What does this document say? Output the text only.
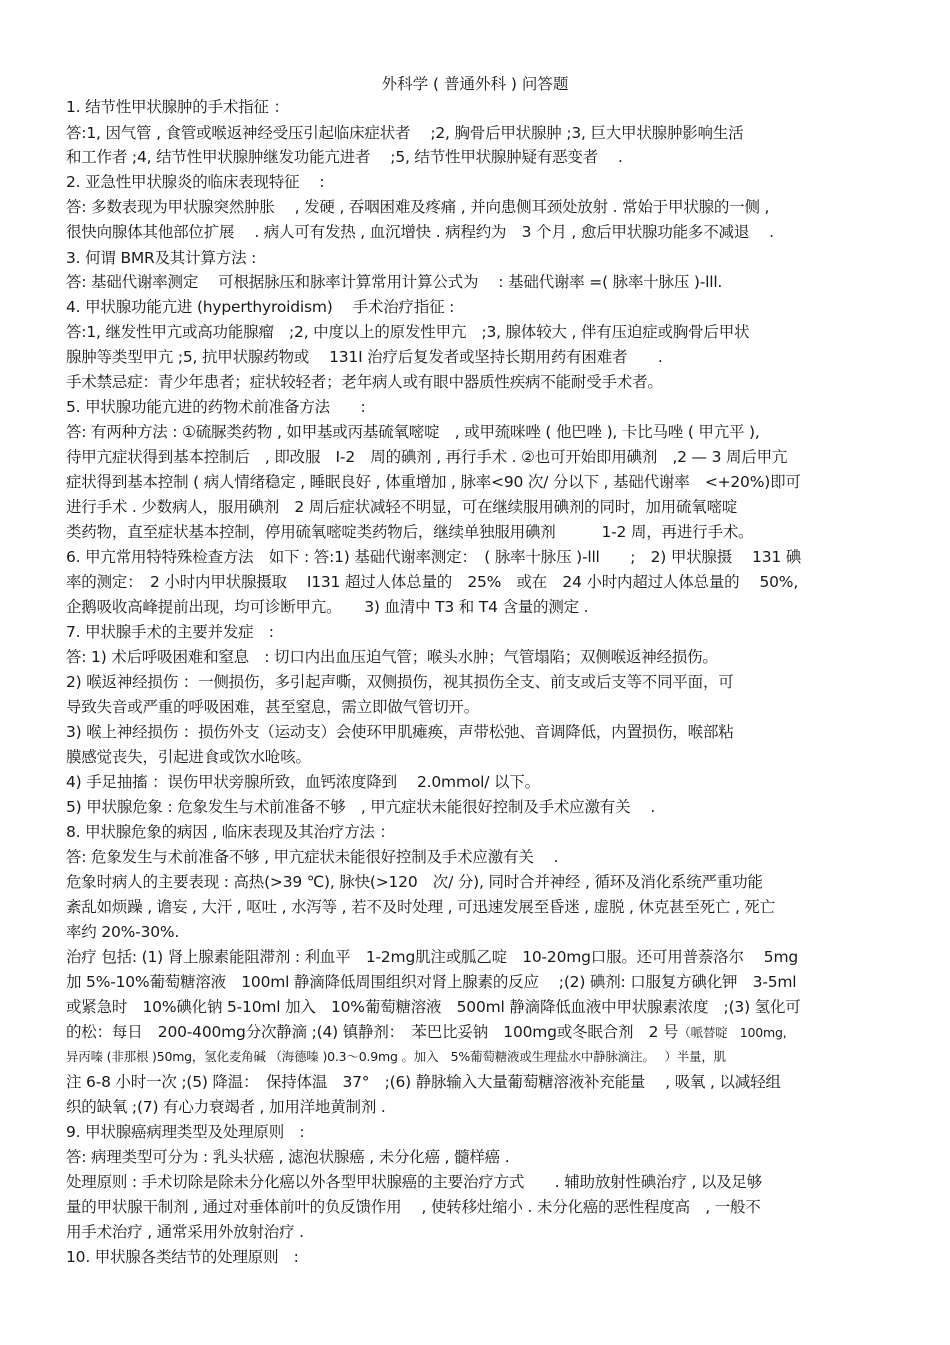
外科学 ( 普通外科 ) 问答题
1. 结节性甲状腺肿的手术指征 ：
答:1, 因气管 , 食管或喉返神经受压引起临床症状者　 ;2, 胸骨后甲状腺肿 ;3, 巨大甲状腺肿影响生活
和工作者 ;4, 结节性甲状腺肿继发功能亢进者　 ;5, 结节性甲状腺肿疑有恶变者　 .
2. 亚急性甲状腺炎的临床表现特征　 :
答: 多数表现为甲状腺突然肿胀　 , 发硬 , 吞咽困难及疼痛 , 并向患侧耳颈处放射 . 常始于甲状腺的一侧 ,
很快向腺体其他部位扩展　 . 病人可有发热 , 血沉增快 . 病程约为　3 个月 , 愈后甲状腺功能多不减退　 .
3. 何谓 BMR及其计算方法 :
答: 基础代谢率测定　 可根据脉压和脉率计算常用计算公式为　 : 基础代谢率 =( 脉率十脉压 )-lll.
4. 甲状腺功能亢进 (hyperthyroidism)　 手术治疗指征 :
答:1, 继发性甲亢或高功能腺瘤　;2, 中度以上的原发性甲亢　;3, 腺体较大 , 伴有压迫症或胸骨后甲状
腺肿等类型甲亢 ;5, 抗甲状腺药物或　 131I 治疗后复发者或坚持长期用药有困难者　　.
手术禁忌症：青少年患者；症状较轻者；老年病人或有眼中器质性疾病不能耐受手术者。
5. 甲状腺功能亢进的药物术前准备方法　　:
答: 有两种方法 : ①硫脲类药物 , 如甲基或丙基硫氧嘧啶　, 或甲巯咪唑 ( 他巴唑 ), 卡比马唑 ( 甲亢平 ),
待甲亢症状得到基本控制后　, 即改服　I-2　周的碘剂 , 再行手术 . ②也可开始即用碘剂　,2 — 3 周后甲亢
症状得到基本控制 ( 病人情绪稳定 , 睡眠良好 , 体重增加 , 脉率<90 次/ 分以下 , 基础代谢率　<+20%)即可
进行手术 . 少数病人，服用碘剂　2 周后症状减轻不明显，可在继续服用碘剂的同时，加用硫氧嘧啶
类药物，直至症状基本控制，停用硫氧嘧啶类药物后，继续单独服用碘剂　　　1-2 周，再进行手术。
6. 甲亢常用特特殊检查方法　如下 : 答:1) 基础代谢率测定：　( 脉率十脉压 )-lll　　;　2) 甲状腺摄　 131 碘
率的测定：　2 小时内甲状腺摄取　 I131 超过人体总量的　25%　或在　24 小时内超过人体总量的　 50%,
企鹅吸收高峰提前出现，均可诊断甲亢。　　3) 血清中 T3 和 T4 含量的测定 .
7. 甲状腺手术的主要并发症　:
答: 1) 术后呼吸困难和窒息　: 切口内出血压迫气管；喉头水肿；气管塌陷；双侧喉返神经损伤。
2) 喉返神经损伤 ：一侧损伤，多引起声嘶，双侧损伤，视其损伤全支、前支或后支等不同平面，可
导致失音或严重的呼吸困难，甚至窒息，需立即做气管切开。
3) 喉上神经损伤 ：损伤外支（运动支）会使环甲肌瘫痪，声带松弛、音调降低，内置损伤，喉部粘
膜感觉丧失，引起进食或饮水呛咳。
4) 手足抽搐 ：误伤甲状旁腺所致，血钙浓度降到　 2.0mmol/ 以下。
5) 甲状腺危象 : 危象发生与术前准备不够　, 甲亢症状未能很好控制及手术应激有关　 .
8. 甲状腺危象的病因 , 临床表现及其治疗方法 ：
答: 危象发生与术前准备不够 , 甲亢症状未能很好控制及手术应激有关　 .
危象时病人的主要表现 : 高热(>39 ℃), 脉快(>120　次/ 分), 同时合并神经 , 循环及消化系统严重功能
紊乱如烦躁 , 谵妄 , 大汗 , 呕吐 , 水泻等 , 若不及时处理 , 可迅速发展至昏迷 , 虚脱 , 休克甚至死亡 , 死亡
率约 20%-30%.
治疗 包括: (1) 肾上腺素能阻滞剂 : 利血平　1-2mg肌注或胍乙啶　10-20mg口服。还可用普萘洛尔　 5mg
加 5%-10%葡萄糖溶液　100ml 静滴降低周围组织对肾上腺素的反应　 ;(2) 碘剂: 口服复方碘化钾　3-5ml
或紧急时　10%碘化钠 5-10ml 加入　10%葡萄糖溶液　500ml 静滴降低血液中甲状腺素浓度　;(3) 氢化可
的松：每日　200-400mg分次静滴 ;(4) 镇静剂：　苯巴比妥钠　100mg或冬眠合剂　2 号（哌替啶　100mg,
异丙嗪 (非那根 )50mg，氢化麦角碱 （海德嗪 )0.3～0.9mg 。加入　5%葡萄糖液或生理盐水中静脉滴注。　 ）半量，肌
注 6-8 小时一次 ;(5) 降温：　保持体温　37°　;(6) 静脉输入大量葡萄糖溶液补充能量　 , 吸氧 , 以减轻组
织的缺氧 ;(7) 有心力衰竭者 , 加用洋地黄制剂 .
9. 甲状腺癌病理类型及处理原则　:
答: 病理类型可分为 : 乳头状癌 , 滤泡状腺癌 , 未分化癌 , 髓样癌 .
处理原则 : 手术切除是除未分化癌以外各型甲状腺癌的主要治疗方式　　. 辅助放射性碘治疗 , 以及足够
量的甲状腺干制剂 , 通过对垂体前叶的负反馈作用　 , 使转移灶缩小 . 未分化癌的恶性程度高　, 一般不
用手术治疗 , 通常采用外放射治疗 .
10. 甲状腺各类结节的处理原则　:
